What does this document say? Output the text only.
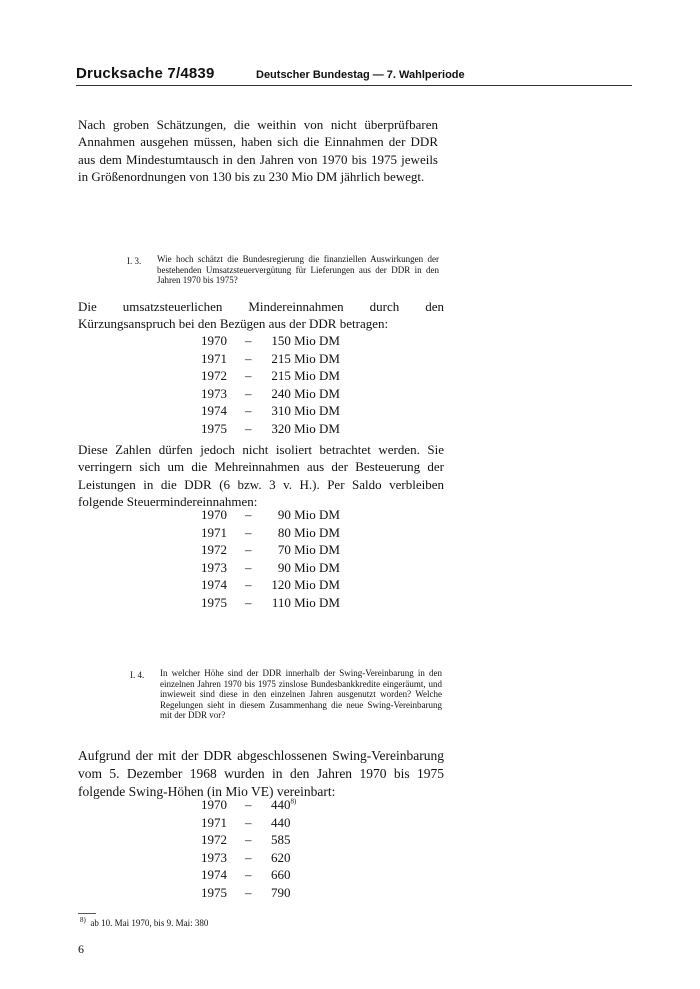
Drucksache 7/4839	Deutscher Bundestag — 7. Wahlperiode
Nach groben Schätzungen, die weithin von nicht überprüfbaren Annahmen ausgehen müssen, haben sich die Einnahmen der DDR aus dem Mindestumtausch in den Jahren von 1970 bis 1975 jeweils in Größenordnungen von 130 bis zu 230 Mio DM jährlich bewegt.
I. 3. Wie hoch schätzt die Bundesregierung die finanziellen Auswirkungen der bestehenden Umsatzsteuervergütung für Lieferungen aus der DDR in den Jahren 1970 bis 1975?
Die umsatzsteuerlichen Mindereinnahmen durch den Kürzungsanspruch bei den Bezügen aus der DDR betragen:
1970 – 150 Mio DM
1971 – 215 Mio DM
1972 – 215 Mio DM
1973 – 240 Mio DM
1974 – 310 Mio DM
1975 – 320 Mio DM
Diese Zahlen dürfen jedoch nicht isoliert betrachtet werden. Sie verringern sich um die Mehreinnahmen aus der Besteuerung der Leistungen in die DDR (6 bzw. 3 v. H.). Per Saldo verbleiben folgende Steuermindereinnahmen:
1970 – 90 Mio DM
1971 – 80 Mio DM
1972 – 70 Mio DM
1973 – 90 Mio DM
1974 – 120 Mio DM
1975 – 110 Mio DM
I. 4. In welcher Höhe sind der DDR innerhalb der Swing-Vereinbarung in den einzelnen Jahren 1970 bis 1975 zinslose Bundesbankkredite eingeräumt, und inwieweit sind diese in den einzelnen Jahren ausgenutzt worden? Welche Regelungen sieht in diesem Zusammenhang die neue Swing-Vereinbarung mit der DDR vor?
Aufgrund der mit der DDR abgeschlossenen Swing-Vereinbarung vom 5. Dezember 1968 wurden in den Jahren 1970 bis 1975 folgende Swing-Höhen (in Mio VE) vereinbart:
1970 – 440$^{8)}$
1971 – 440
1972 – 585
1973 – 620
1974 – 660
1975 – 790
$^{8)}$ ab 10. Mai 1970, bis 9. Mai: 380
6
